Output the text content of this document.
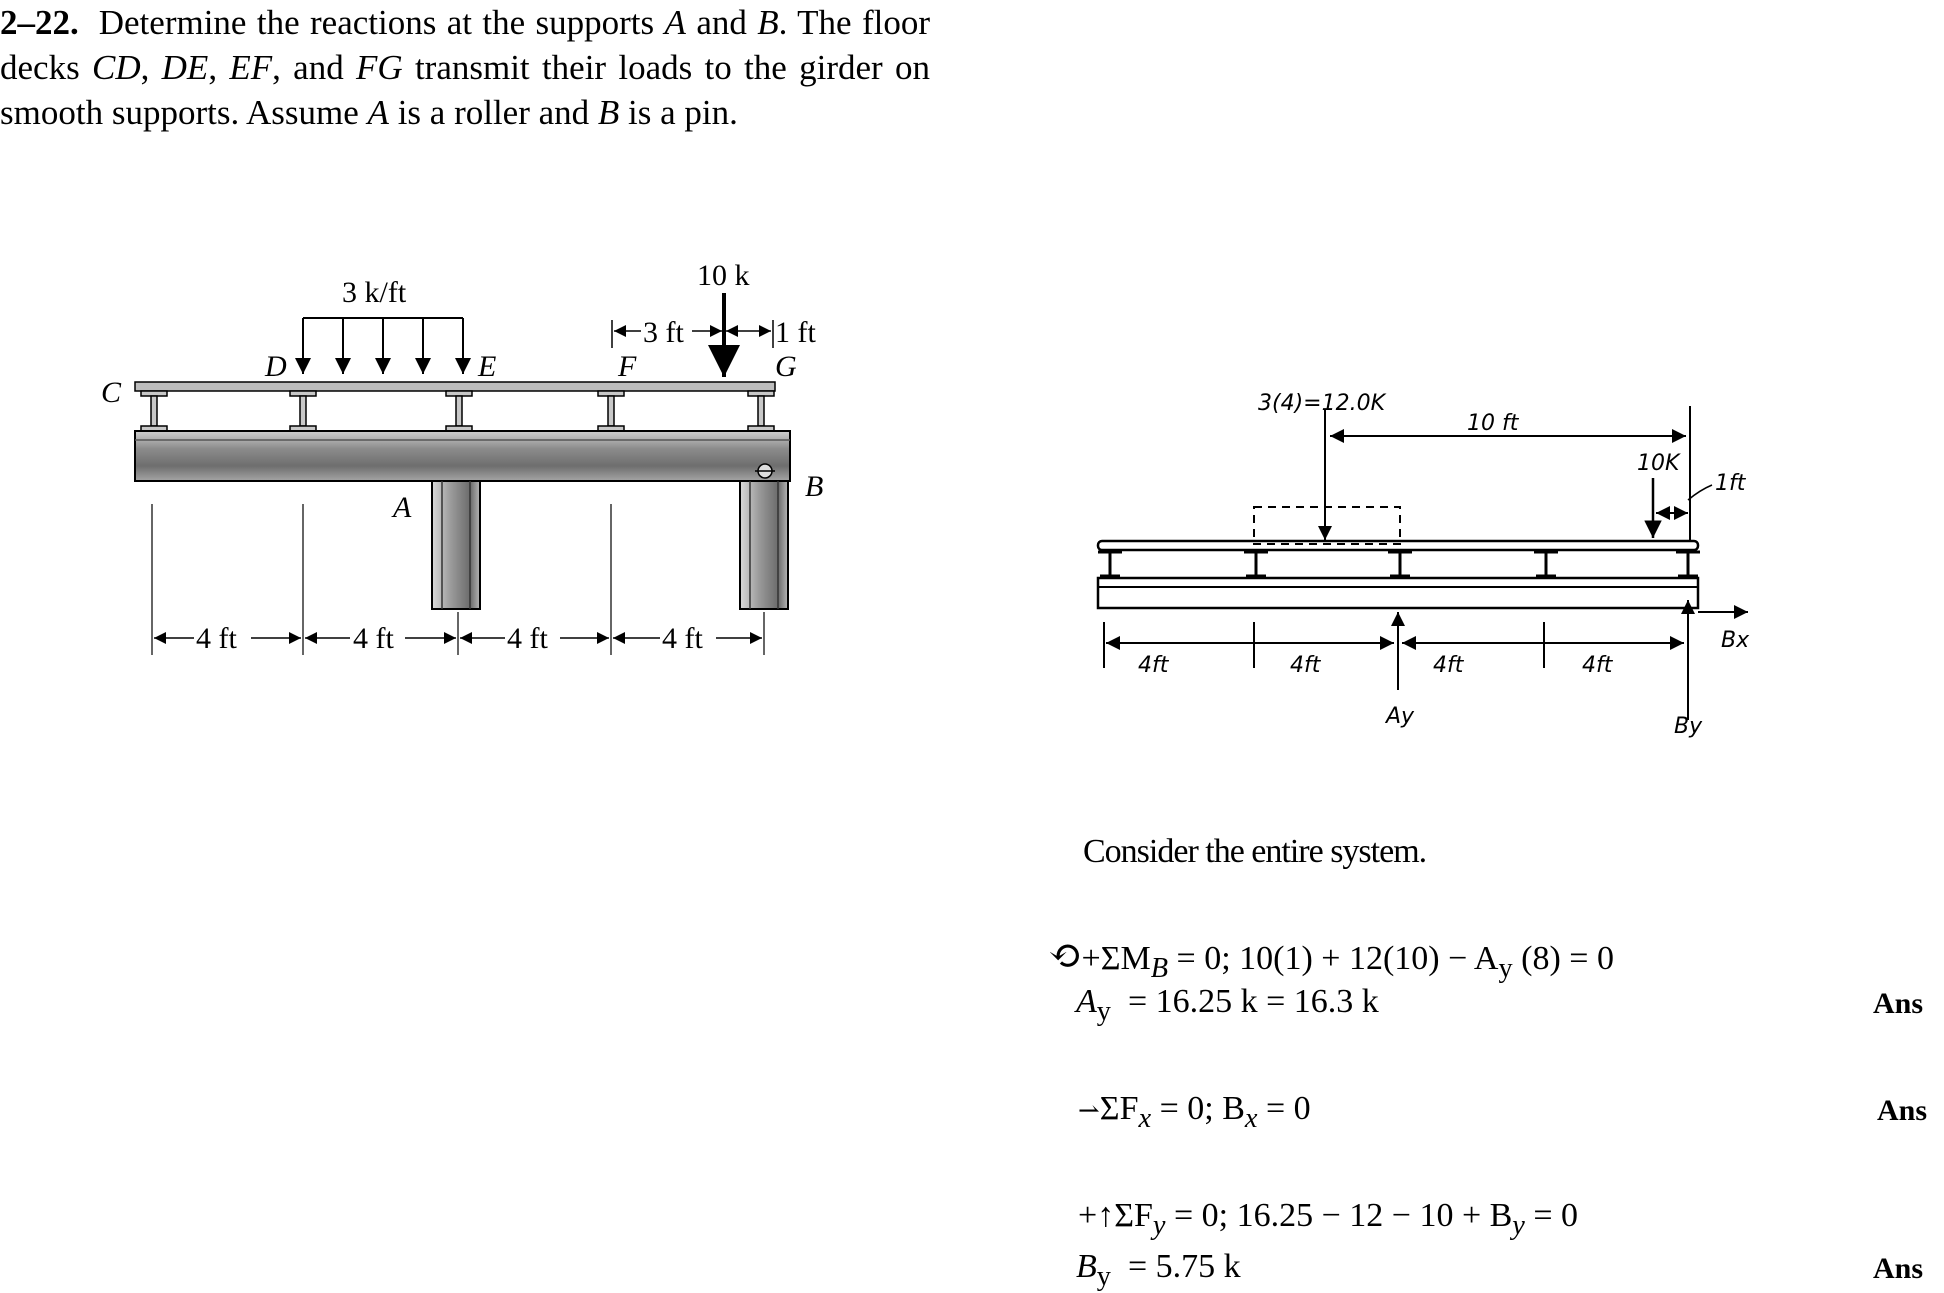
2–22. Determine the reactions at the supports A and B. The floor decks CD, DE, EF, and FG transmit their loads to the girder on smooth supports. Assume A is a roller and B is a pin.
3 k/ft
10 k
3 ft	1 ft
C
D	E	F	G
A
B
4 ft	4 ft	4 ft	4 ft
3(4)=12.0K
10 ft
10K
1ft
Bx
Ay	By
4ft	4ft	4ft	4ft
Consider the entire system.
$⟲+\Sigma M_B = 0$; $10(1) + 12(10) - A_y$ (8) = 0
$A_y = 16.25$ k = 16.3 k	Ans
$⇀\Sigma F_x = 0$; $B_x = 0$	Ans
$+↑\Sigma F_y = 0$; $16.25 - 12 - 10 + B_y = 0$
$B_y = 5.75$ k	Ans
